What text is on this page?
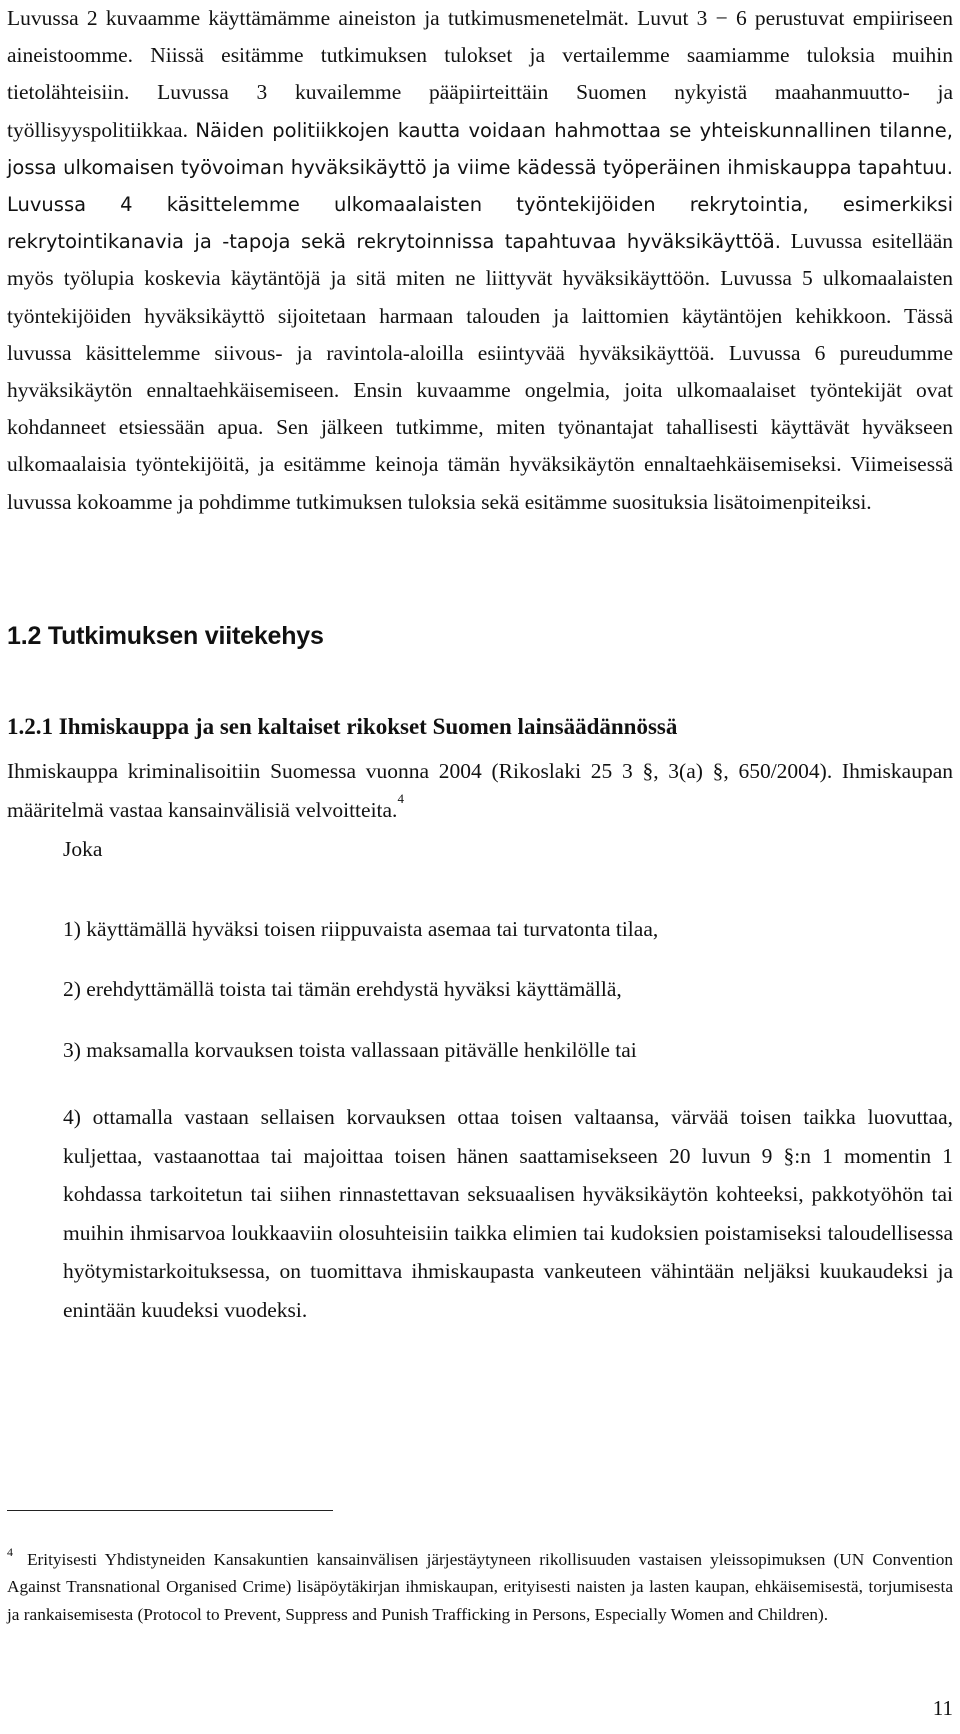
Luvussa 2 kuvaamme käyttämämme aineiston ja tutkimusmenetelmät. Luvut 3 − 6 perustuvat empiiriseen aineistoomme. Niissä esitämme tutkimuksen tulokset ja vertailemme saamiamme tuloksia muihin tietolähteisiin. Luvussa 3 kuvailemme pääpiirteittäin Suomen nykyistä maahanmuutto- ja työllisyyspolitiikkaa. Näiden politiikkojen kautta voidaan hahmottaa se yhteiskunnallinen tilanne, jossa ulkomaisen työvoiman hyväksikäyttö ja viime kädessä työperäinen ihmiskauppa tapahtuu. Luvussa 4 käsittelemme ulkomaalaisten työntekijöiden rekrytointia, esimerkiksi rekrytointikanavia ja -tapoja sekä rekrytoinnissa tapahtuvaa hyväksikäyttöä. Luvussa esitellään myös työlupia koskevia käytäntöjä ja sitä miten ne liittyvät hyväksikäyttöön. Luvussa 5 ulkomaalaisten työntekijöiden hyväksikäyttö sijoitetaan harmaan talouden ja laittomien käytäntöjen kehikkoon. Tässä luvussa käsittelemme siivous- ja ravintola-aloilla esiintyvää hyväksikäyttöä. Luvussa 6 pureudumme hyväksikäytön ennaltaehkäisemiseen. Ensin kuvaamme ongelmia, joita ulkomaalaiset työntekijät ovat kohdanneet etsiessään apua. Sen jälkeen tutkimme, miten työnantajat tahallisesti käyttävät hyväkseen ulkomaalaisia työntekijöitä, ja esitämme keinoja tämän hyväksikäytön ennaltaehkäisemiseksi. Viimeisessä luvussa kokoamme ja pohdimme tutkimuksen tuloksia sekä esitämme suosituksia lisätoimenpiteiksi.

1.2 Tutkimuksen viitekehys
1.2.1 Ihmiskauppa ja sen kaltaiset rikokset Suomen lainsäädännössä

Ihmiskauppa kriminalisoitiin Suomessa vuonna 2004 (Rikoslaki 25 3 §, 3(a) §, 650/2004). Ihmiskaupan määritelmä vastaa kansainvälisiä velvoitteita.$^4$

Joka

1) käyttämällä hyväksi toisen riippuvaista asemaa tai turvatonta tilaa,

2) erehdyttämällä toista tai tämän erehdystä hyväksi käyttämällä,

3) maksamalla korvauksen toista vallassaan pitävälle henkilölle tai

4) ottamalla vastaan sellaisen korvauksen ottaa toisen valtaansa, värvää toisen taikka luovuttaa, kuljettaa, vastaanottaa tai majoittaa toisen hänen saattamisekseen 20 luvun 9 §:n 1 momentin 1 kohdassa tarkoitetun tai siihen rinnastettavan seksuaalisen hyväksikäytön kohteeksi, pakkotyöhön tai muihin ihmisarvoa loukkaaviin olosuhteisiin taikka elimien tai kudoksien poistamiseksi taloudellisessa hyötymistarkoituksessa, on tuomittava ihmiskaupasta vankeuteen vähintään neljäksi kuukaudeksi ja enintään kuudeksi vuodeksi.

$^4$ Erityisesti Yhdistyneiden Kansakuntien kansainvälisen järjestäytyneen rikollisuuden vastaisen yleissopimuksen (UN Convention Against Transnational Organised Crime) lisäpöytäkirjan ihmiskaupan, erityisesti naisten ja lasten kaupan, ehkäisemisestä, torjumisesta ja rankaisemisesta (Protocol to Prevent, Suppress and Punish Trafficking in Persons, Especially Women and Children).

11
